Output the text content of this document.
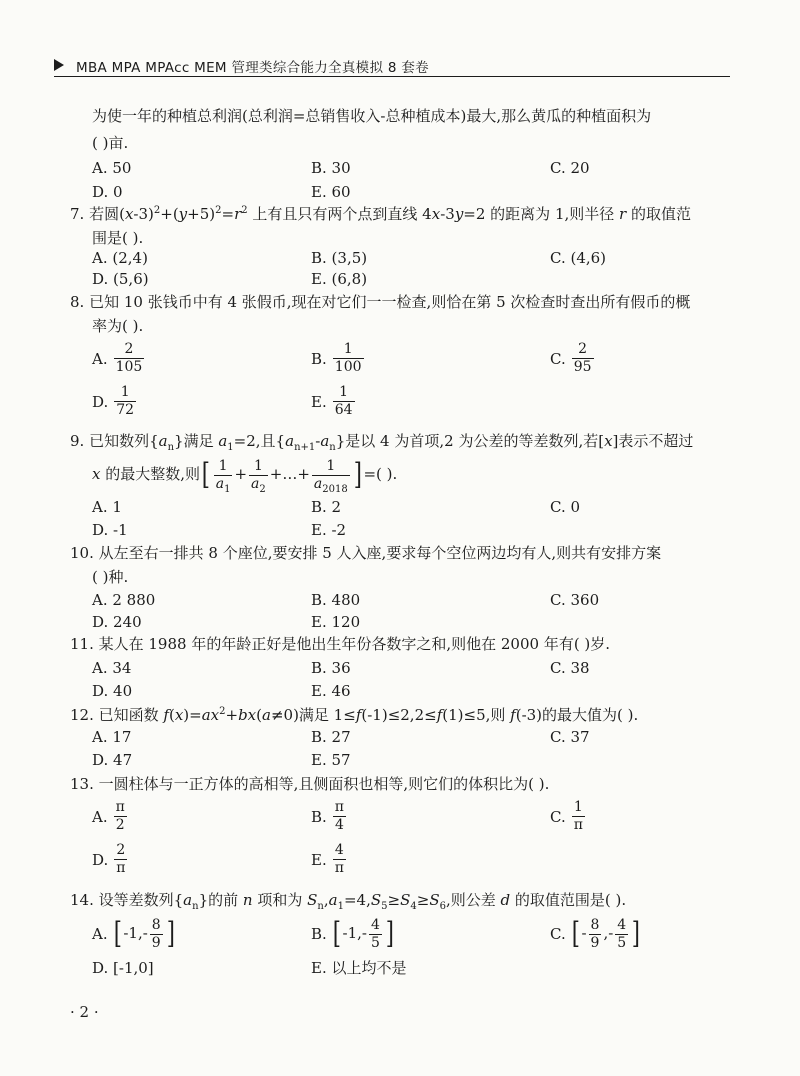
MBA MPA MPAcc MEM 管理类综合能力全真模拟 8 套卷
为使一年的种植总利润(总利润=总销售收入-总种植成本)最大,那么黄瓜的种植面积为
( )亩.
A. 50	B. 30	C. 20
D. 0	E. 60
7. 若圆$(x-3)^2+(y+5)^2=r^2$ 上有且只有两个点到直线 4x-3y=2 的距离为 1,则半径 r 的取值范
围是( ).
A. (2,4)	B. (3,5)	C. (4,6)
D. (5,6)	E. (6,8)
8. 已知 10 张钱币中有 4 张假币,现在对它们一一检查,则恰在第 5 次检查时查出所有假币的概
率为( ).
A. $\frac{2}{105}$	B. $\frac{1}{100}$	C. $\frac{2}{95}$
D. $\frac{1}{72}$	E. $\frac{1}{64}$
9. 已知数列$\{a_n\}$满足 $a_1=2$,且$\{a_{n+1}-a_n\}$是以 4 为首项,2 为公差的等差数列,若[x]表示不超过
x 的最大整数,则[ $\frac{1}{a_1} + \frac{1}{a_2}$ +…+ $\frac{1}{a_{2018}}$ ] =( ).
A. 1	B. 2	C. 0
D. -1	E. -2
10. 从左至右一排共 8 个座位,要安排 5 人入座,要求每个空位两边均有人,则共有安排方案
( )种.
A. 2 880	B. 480	C. 360
D. 240	E. 120
11. 某人在 1988 年的年龄正好是他出生年份各数字之和,则他在 2000 年有( )岁.
A. 34	B. 36	C. 38
D. 40	E. 46
12. 已知函数 $f(x)=ax^2+bx(a\ne 0)$满足 1≤f(-1)≤2,2≤f(1)≤5,则 f(-3)的最大值为( ).
A. 17	B. 27	C. 37
D. 47	E. 57
13. 一圆柱体与一正方体的高相等,且侧面积也相等,则它们的体积比为( ).
A. $\frac{\pi}{2}$	B. $\frac{\pi}{4}$	C. $\frac{1}{\pi}$
D. $\frac{2}{\pi}$	E. $\frac{4}{\pi}$
14. 设等差数列$\{a_n\}$的前 n 项和为 $S_n,a_1=4,S_5\ge S_4\ge S_6$,则公差 d 的取值范围是( ).
A. [ $-1,- \frac{8}{9}$ ]	B. [ $-1,- \frac{4}{5}$ ]	C. [ - $\frac{8}{9}$ ,- $\frac{4}{5}$ ]
D. [-1,0]	E. 以上均不是
· 2 ·
